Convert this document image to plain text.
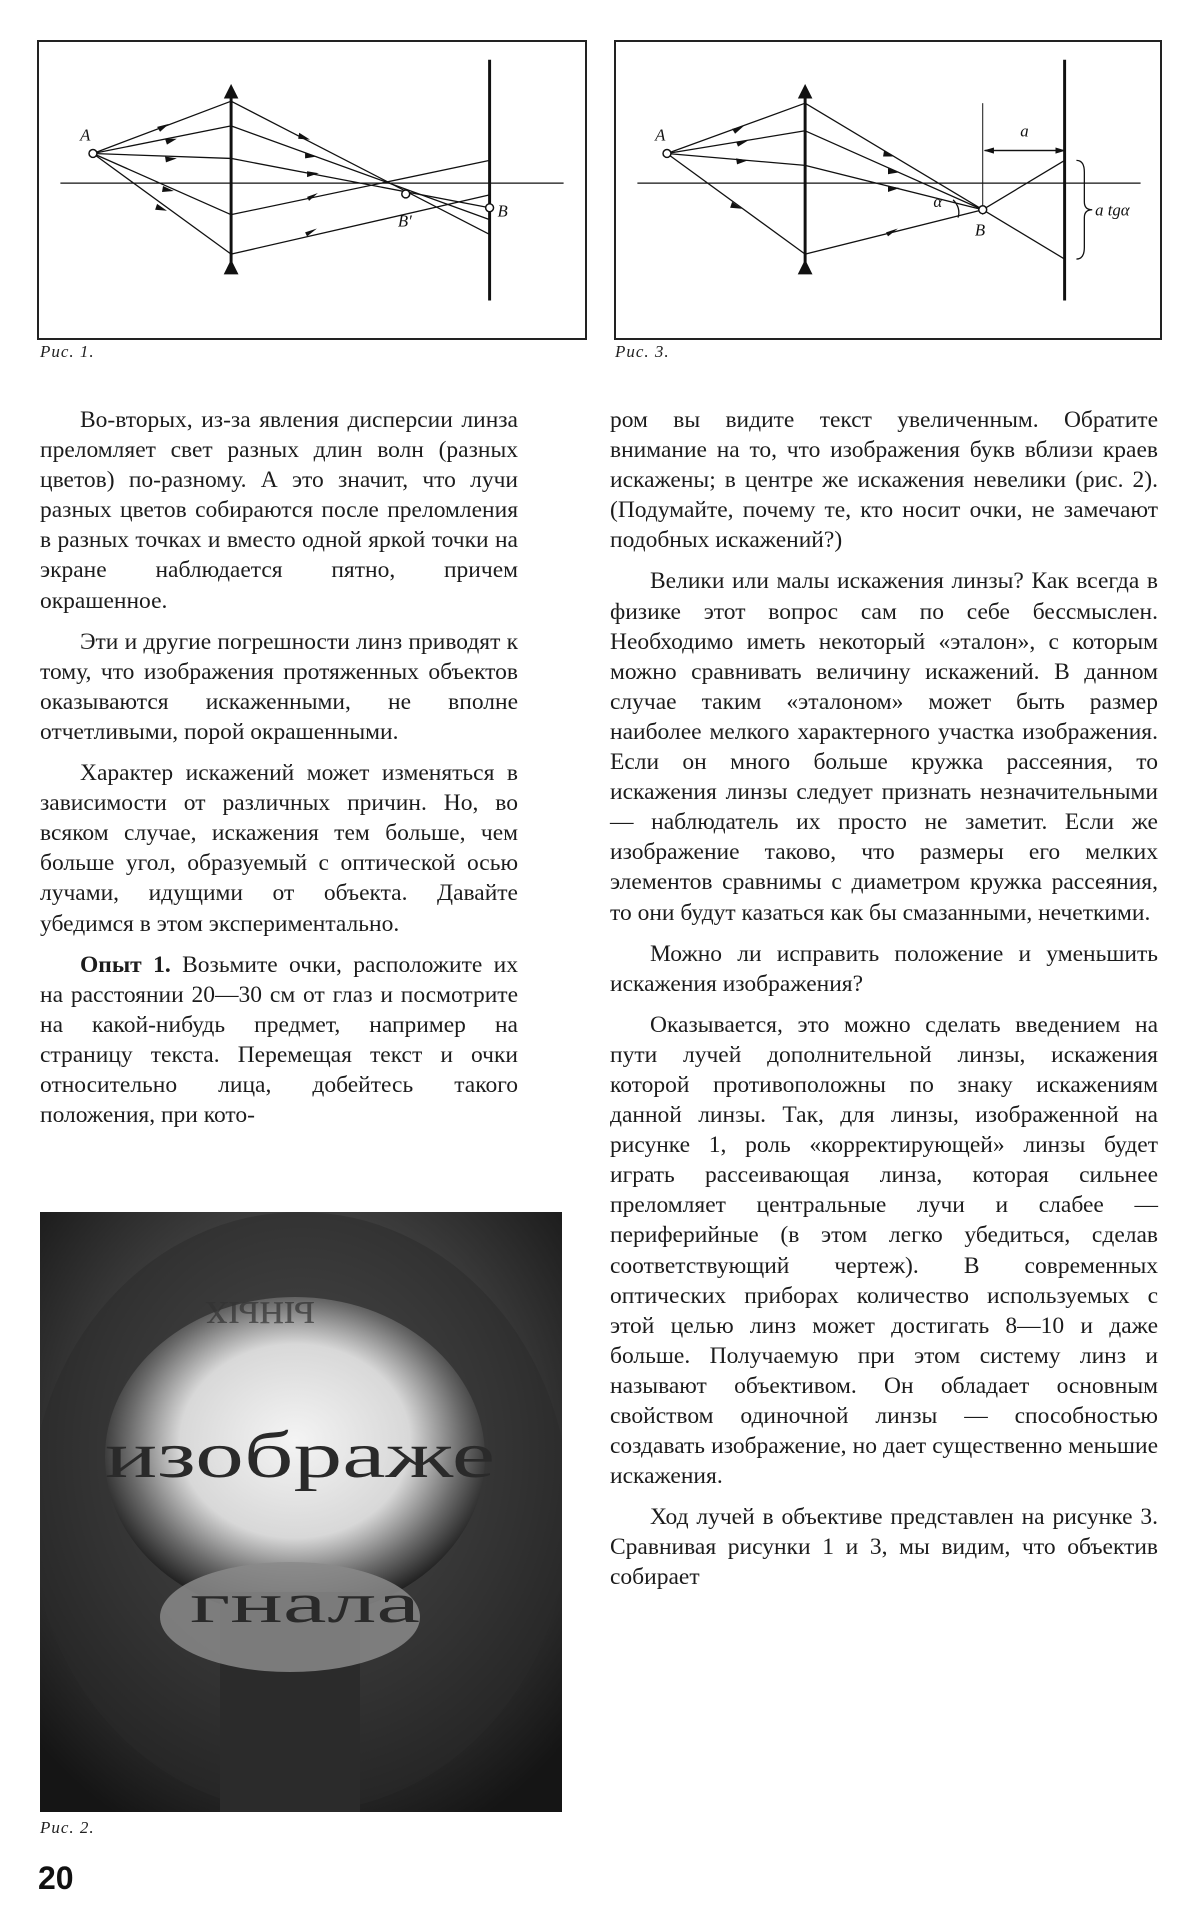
A
B′
B
Рис. 1.
A
B
α
a
a tgα
Рис. 3.

Во-вторых, из-за явления дисперсии линза преломляет свет разных длин волн (разных цветов) по-разному. А это значит, что лучи разных цветов собираются после преломления в разных точках и вместо одной яркой точки на экране наблюдается пятно, причем окрашенное.

Эти и другие погрешности линз приводят к тому, что изображения протяженных объектов оказываются искаженными, не вполне отчетливыми, порой окрашенными.

Характер искажений может изменяться в зависимости от различных причин. Но, во всяком случае, искажения тем больше, чем больше угол, образуемый с оптической осью лучами, идущими от объекта. Давайте убедимся в этом экспериментально.

Опыт 1. Возьмите очки, расположите их на расстоянии 20—30 см от глаз и посмотрите на какой-нибудь предмет, например на страницу текста. Перемещая текст и очки относительно лица, добейтесь такого положения, при кото-

ыных
изображе
гнала
Рис. 2.

ром вы видите текст увеличенным. Обратите внимание на то, что изображения букв вблизи краев искажены; в центре же искажения невелики (рис. 2). (Подумайте, почему те, кто носит очки, не замечают подобных искажений?)

Велики или малы искажения линзы? Как всегда в физике этот вопрос сам по себе бессмыслен. Необходимо иметь некоторый «эталон», с которым можно сравнивать величину искажений. В данном случае таким «эталоном» может быть размер наиболее мелкого характерного участка изображения. Если он много больше кружка рассеяния, то искажения линзы следует признать незначительными — наблюдатель их просто не заметит. Если же изображение таково, что размеры его мелких элементов сравнимы с диаметром кружка рассеяния, то они будут казаться как бы смазанными, нечеткими.

Можно ли исправить положение и уменьшить искажения изображения?

Оказывается, это можно сделать введением на пути лучей дополнительной линзы, искажения которой противоположны по знаку искажениям данной линзы. Так, для линзы, изображенной на рисунке 1, роль «корректирующей» линзы будет играть рассеивающая линза, которая сильнее преломляет центральные лучи и слабее — периферийные (в этом легко убедиться, сделав соответствующий чертеж). В современных оптических приборах количество используемых с этой целью линз может достигать 8—10 и даже больше. Получаемую при этом систему линз и называют объективом. Он обладает основным свойством одиночной линзы — способностью создавать изображение, но дает существенно меньшие искажения.

Ход лучей в объективе представлен на рисунке 3. Сравнивая рисунки 1 и 3, мы видим, что объектив собирает

20
